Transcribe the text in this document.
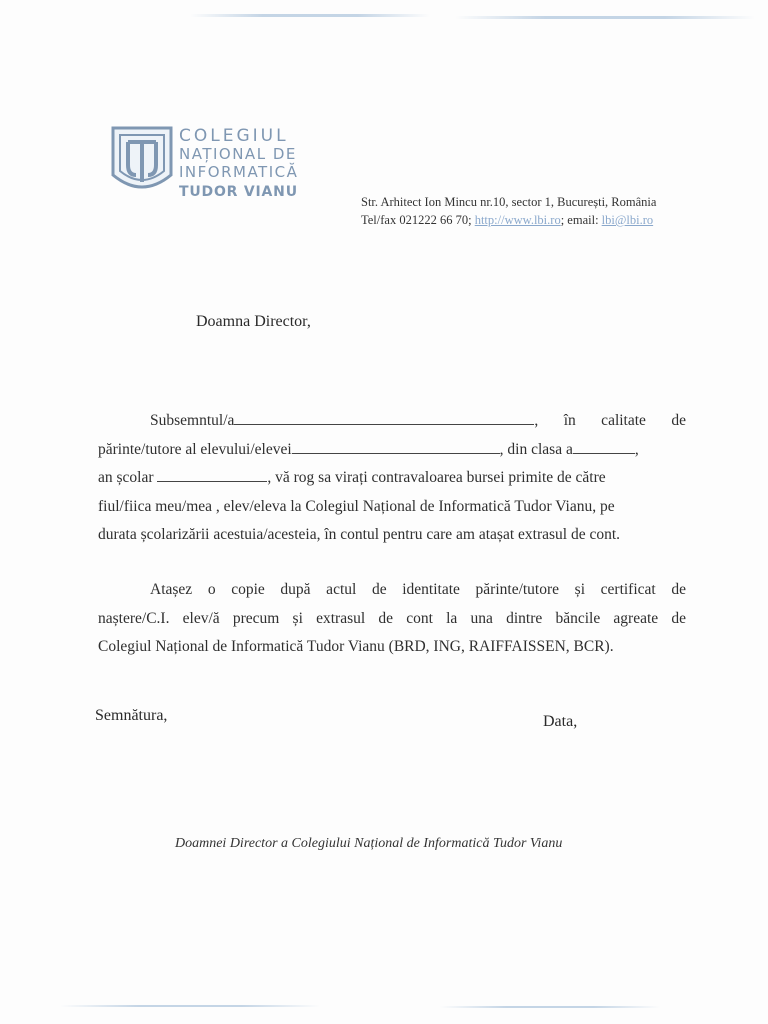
COLEGIUL
NAȚIONAL DE
INFORMATICĂ
TUDOR VIANU
Str. Arhitect Ion Mincu nr.10, sector 1, București, România
Tel/fax 021222 66 70; http://www.lbi.ro; email: lbi@lbi.ro
Doamna Director,
Subsemntul/a	, în calitate de
părinte/tutore al elevului/elevei	, din clasa a	,
an școlar	, vă rog sa virați contravaloarea bursei primite de către
fiul/fiica meu/mea , elev/eleva la Colegiul Național de Informatică Tudor Vianu, pe
durata școlarizării acestuia/acesteia, în contul pentru care am atașat extrasul de cont.
Atașez o copie după actul de identitate părinte/tutore și certificat de
naștere/C.I. elev/ă precum și extrasul de cont la una dintre băncile agreate de
Colegiul Național de Informatică Tudor Vianu (BRD, ING, RAIFFAISSEN, BCR).
Semnătura,	Data,
Doamnei Director a Colegiului Național de Informatică Tudor Vianu
